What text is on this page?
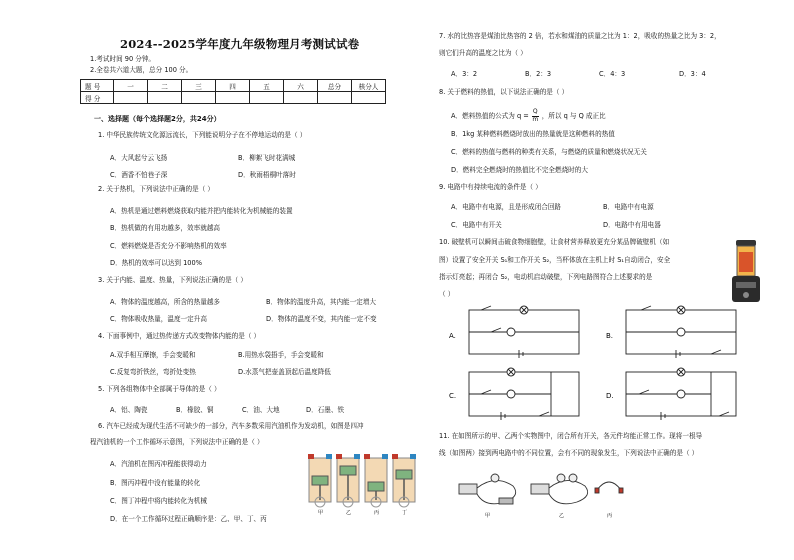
2024--2025学年度九年级物理月考测试试卷
1.考试时间 90 分钟。
2.全卷共六道大题，总分 100 分。
题 号	一	二	三	四	五	六	总分	核分人
得 分								
一、选择题（每个选择题2分，共24分）
1. 中华民族传统文化源远流长，下列能说明分子在不停地运动的是（ ）
A．大风起兮云飞扬	B．柳絮飞时花满城
C．酒香不怕巷子深	D．秋雨梧桐叶落时
2. 关于热机，下列说法中正确的是（ ）
A．热机是通过燃料燃烧获取内能并把内能转化为机械能的装置
B．热机做的有用功越多，效率就越高
C．燃料燃烧是否充分不影响热机的效率
D．热机的效率可以达到 100%
3. 关于内能、温度、热量，下列说法正确的是（ ）
A．物体的温度越高，所含的热量越多	B．物体的温度升高，其内能一定增大
C．物体吸收热量，温度一定升高	D．物体的温度不变，其内能一定不变
4. 下面事例中，通过热传递方式改变物体内能的是（ ）
A.双手相互摩擦，手会变暖和	B.用热水袋捂手，手会变暖和
C.反复弯折铁丝，弯折处变热	D.水蒸气把壶盖顶起后温度降低
5. 下列各组物体中全部属于导体的是（ ）
A．铝、陶瓷	B．橡胶、铜	C．油、大地	D．石墨、铁
6. 汽车已经成为现代生活不可缺少的一部分，汽车多数采用汽油机作为发动机，如图是四冲
程汽油机的一个工作循环示意图，下列说法中正确的是（ ）
A．汽油机在图丙冲程能获得动力
B．图丙冲程中没有能量的转化
C．图丁冲程中将内能转化为机械
D．在一个工作循环过程正确顺序是：乙、甲、丁、丙
甲	乙	丙	丁
7. 水的比热容是煤油比热容的 2 倍，若水和煤油的质量之比为 1：2，吸收的热量之比为 3：2，
则它们升高的温度之比为（ ）
A．3：2	B．2：3	C．4：3	D．3：4
8. 关于燃料的热值，以下说法正确的是（ ）
A．燃料热值的公式为 $q = \frac{Q}{m}$ ，所以 q 与 Q 成正比
B．1kg 某种燃料燃烧时放出的热量就是这种燃料的热值
C．燃料的热值与燃料的种类有关系，与燃烧的质量和燃烧状况无关
D．燃料完全燃烧时的热值比不完全燃烧时的大
9. 电路中有持续电流的条件是（ ）
A．电路中有电源，且是形成闭合回路	B．电路中有电源
C．电路中有开关	D．电路中有用电器
10. 破壁机可以瞬间击破食物细胞壁，让食材营养释放更充分某品牌破壁机（如
图）设置了安全开关 S₁和工作开关 S₂，当杯体放在主机上时 S₁自动闭合，安全
指示灯亮起；再闭合 S₂，电动机启动破壁，下列电路图符合上述要求的是
（ ）
A.	B.
C.	D.
11. 在如图所示的甲、乙两个实物图中，闭合所有开关，各元件均能正常工作。现将一根导
线（如图两）接到两电路中的不同位置，会有不同的现象发生，下列说法中正确的是（ ）
甲	乙	丙
